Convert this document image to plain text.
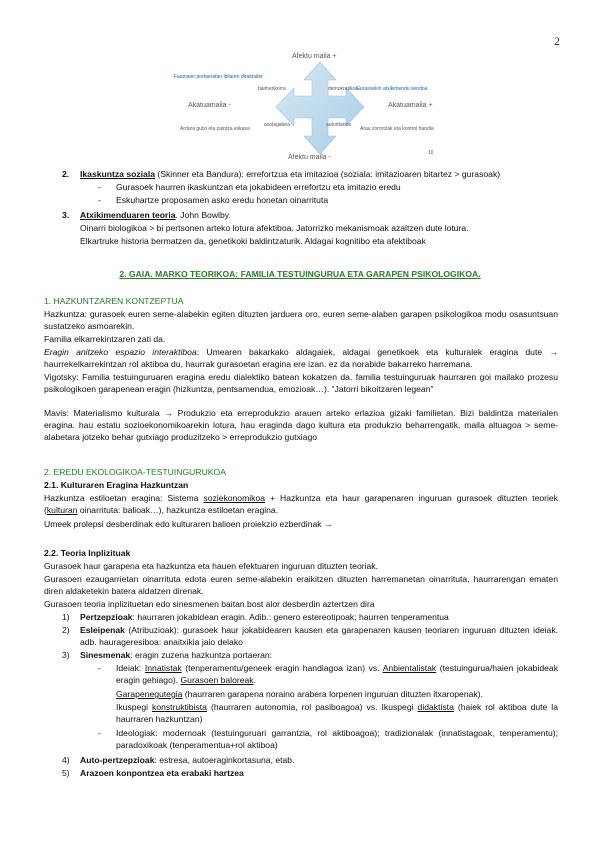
2
Afektu maila +
Afektu maila -
Akatuamaila -	Akatuamaila +
baimenkorra	demokratikoa
axolagabea	autoritarioa
Faamaier portaeratan ibilaren diraldaiter
Gurasoekin atxikimendu sendoa
Arau zorrotzak eta kontrol handia
Ardura gutxi eta zaintza eskasa
10
2. Ikaskuntza soziala (Skinner eta Bandura): errefortzua eta imitazioa (soziala: imitazioaren bitartez > gurasoak)
- Gurasoek haurren ikaskuntzan eta jokabideen errefortzu eta imitazio eredu
- Eskuhartze proposamen asko eredu honetan oinarrituta
3. Atxikimenduaren teoria. John Bowlby.
Oinarri biologikoa > bi pertsonen arteko lotura afektiboa. Jatorrizko mekanismoak azaltzen dute lotura.
Elkartruke historia bermatzen da, genetikoki baldintzaturik. Aldagai kognitibo eta afektiboak
2. GAIA. MARKO TEORIKOA: FAMILIA TESTUINGURUA ETA GARAPEN PSIKOLOGIKOA.
1. HAZKUNTZAREN KONTZEPTUA
Hazkuntza: gurasoek euren seme-alabekin egiten dituzten jarduera oro, euren seme-alaben garapen psikologikoa modu osasuntsuan sustatzeko asmoarekin.
Familia elkarrekintzaren zati da.
Eragin anitzeko espazio interaktiboa: Umearen bakarkako aldagaiek, aldagai genetikoek eta kulturalek eragina dute → haurrekelkarrekintzan rol aktiboa du, haurrak gurasoetan eragina ere izan. ez da norabide bakarreko harremana.
Vigotsky: Familia testuinguruaren eragina eredu dialektiko batean kokatzen da. familia testuinguruak haurraren goi mailako prozesu psikologikoen garapenean eragin (hizkuntza, pentsamendua, emozioak…). “Jatorri bikoitzaren legean”
Mavis: Materialismo kulturala → Produkzio eta erreprodukzio arauen arteko erlazioa gizaki familietan. Bizi baldintza materialen eragina. hau estatu sozioekonomikoarekin lotura, hau eraginda dago kultura eta produkzio beharrengatik. maila altuagoa > seme-alabetara jotzeko behar gutxiago produzitzeko > erreprodukzio gutxiago
2. EREDU EKOLOGIKOA-TESTUINGURUKOA
2.1. Kulturaren Eragina Hazkuntzan
Hazkuntza estiloetan eragina: Sistema soziekonomikoa + Hazkuntza eta haur garapenaren inguruan gurasoek dituzten teoriek (kulturan oinarrituta: balioak…), hazkuntza estiloetan eragina.
Umeek prolepsi desberdinak edo kulturaren balioen proiekzio ezberdinak →
2.2. Teoria Inplizituak
Gurasoek haur garapena eta hazkuntza eta hauen efektuaren inguruan dituzten teoriak.
Gurasoen ezaugarrietan oinarrituta edota euren seme-alabekin eraikitzen dituzten harremanetan oinarrituta, haurrarengan ematen diren aldaketekin batera aldatzen direnak.
Gurasoen teoria inplizituetan edo sinesmenen baitan bost alor desberdin aztertzen dira
1) Pertzepzioak: haurraren jokabidean eragin. Adib.: genero estereotipoak; haurren tenperamentua
2) Esleipenak (Atribuzioak): gurasoek haur jokabidearen kausen eta garapenaren kausen teoriaren inguruan dituzten ideiak. adb. haurageresiboa: anaitxikia jaio delako
3) Sinesmenak: eragin zuzena hazkuntza portaeran:
- Ideiak: Innatistak (tenperamentu/geneek eragin handiagoa izan) vs. Anbientalistak (testuingurua/haien jokabideak eragin gehiago). Gurasoen baloreak.
Garapenegutegia (haurraren garapena noraino arabera lorpenen inguruan dituzten itxaropenak).
Ikuspegi konstruktibista (haurraren autonomia, rol pasiboagoa) vs. Ikuspegi didaktista (haiek rol aktiboa dute la haurraren hazkuntzan)
- Ideologiak: modernoak (testuinguruari garrantzia, rol aktiboagoa); tradizionalak (innatistagoak, tenperamentu); paradoxikoak (tenperamentua+rol aktiboa)
4) Auto-pertzepzioak: estresa, autoeraginkortasuna, etab.
5) Arazoen konpontzea eta erabaki hartzea
